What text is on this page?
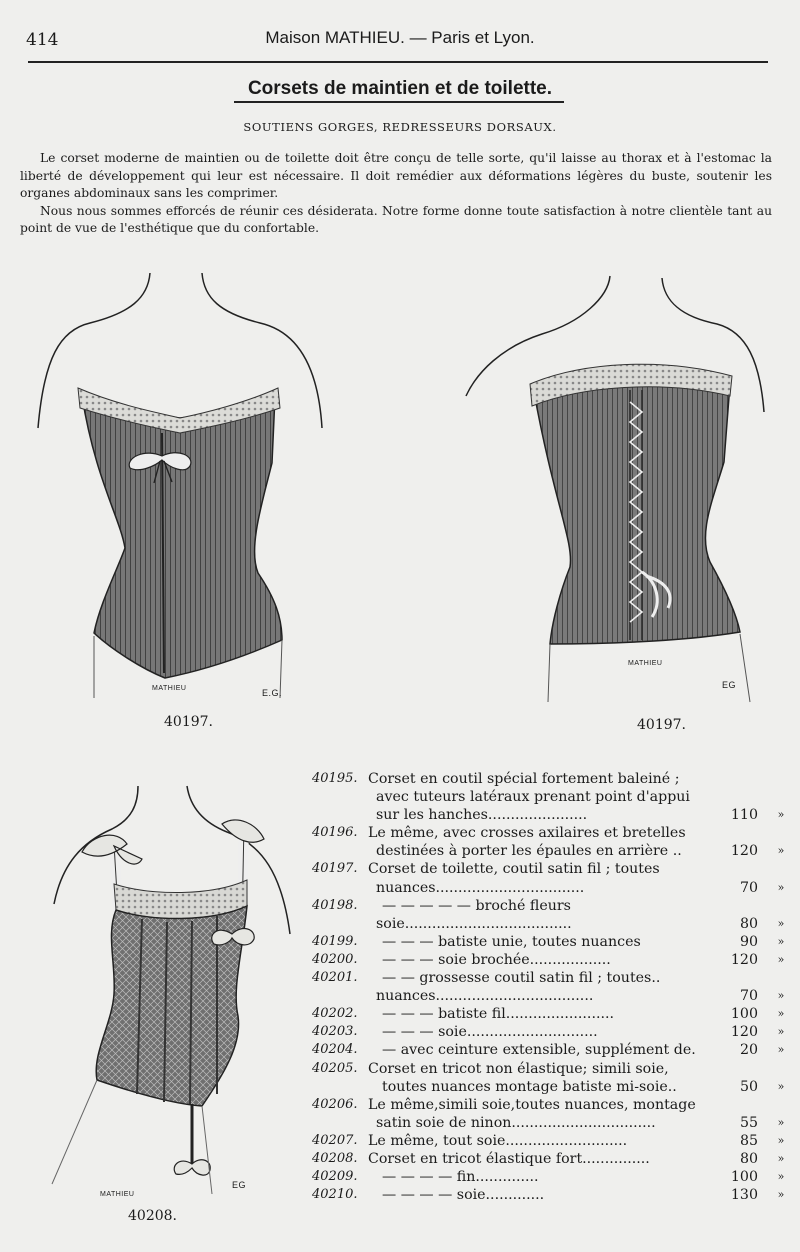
414	Maison MATHIEU. — Paris et Lyon.
Corsets de maintien et de toilette.
SOUTIENS GORGES, REDRESSEURS DORSAUX.

Le corset moderne de maintien ou de toilette doit être conçu de telle sorte, qu'il laisse au thorax et à l'estomac la liberté de développement qui leur est nécessaire. Il doit remédier aux déformations légères du buste, soutenir les organes abdominaux sans les comprimer.

Nous nous sommes efforcés de réunir ces désiderata. Notre forme donne toute satisfaction à notre clientèle tant au point de vue de l'esthétique que du confortable.

MATHIEU	E.G.
40197.
MATHIEU
EG
40197.
MATHIEU
EG
40208.
40195. Corset en coutil spécial fortement baleiné ;
avec tuteurs latéraux prenant point d'appui
sur les hanches......................	110	»
40196. Le même, avec crosses axilaires et bretelles
destinées à porter les épaules en arrière ..	120	»
40197. Corset de toilette, coutil satin fil ; toutes
nuances.................................	70	»
40198.	— — — — — broché fleurs
soie.....................................	80	»
40199.	— — — batiste unie, toutes nuances	90	»
40200.	— — — soie brochée..................	120	»
40201.	— — grossesse coutil satin fil ; toutes..
nuances...................................	70	»
40202.	— — — batiste fil........................	100	»
40203.	— — — soie.............................	120	»
40204.	— avec ceinture extensible, supplément de.	20	»
40205. Corset en tricot non élastique; simili soie,
toutes nuances montage batiste mi-soie..	50	»
40206. Le même,simili soie,toutes nuances, montage
satin soie de ninon................................	55	»
40207. Le même, tout soie...........................	85	»
40208. Corset en tricot élastique fort...............	80	»
40209.	— — — — fin..............	100	»
40210.	— — — — soie.............	130	»
